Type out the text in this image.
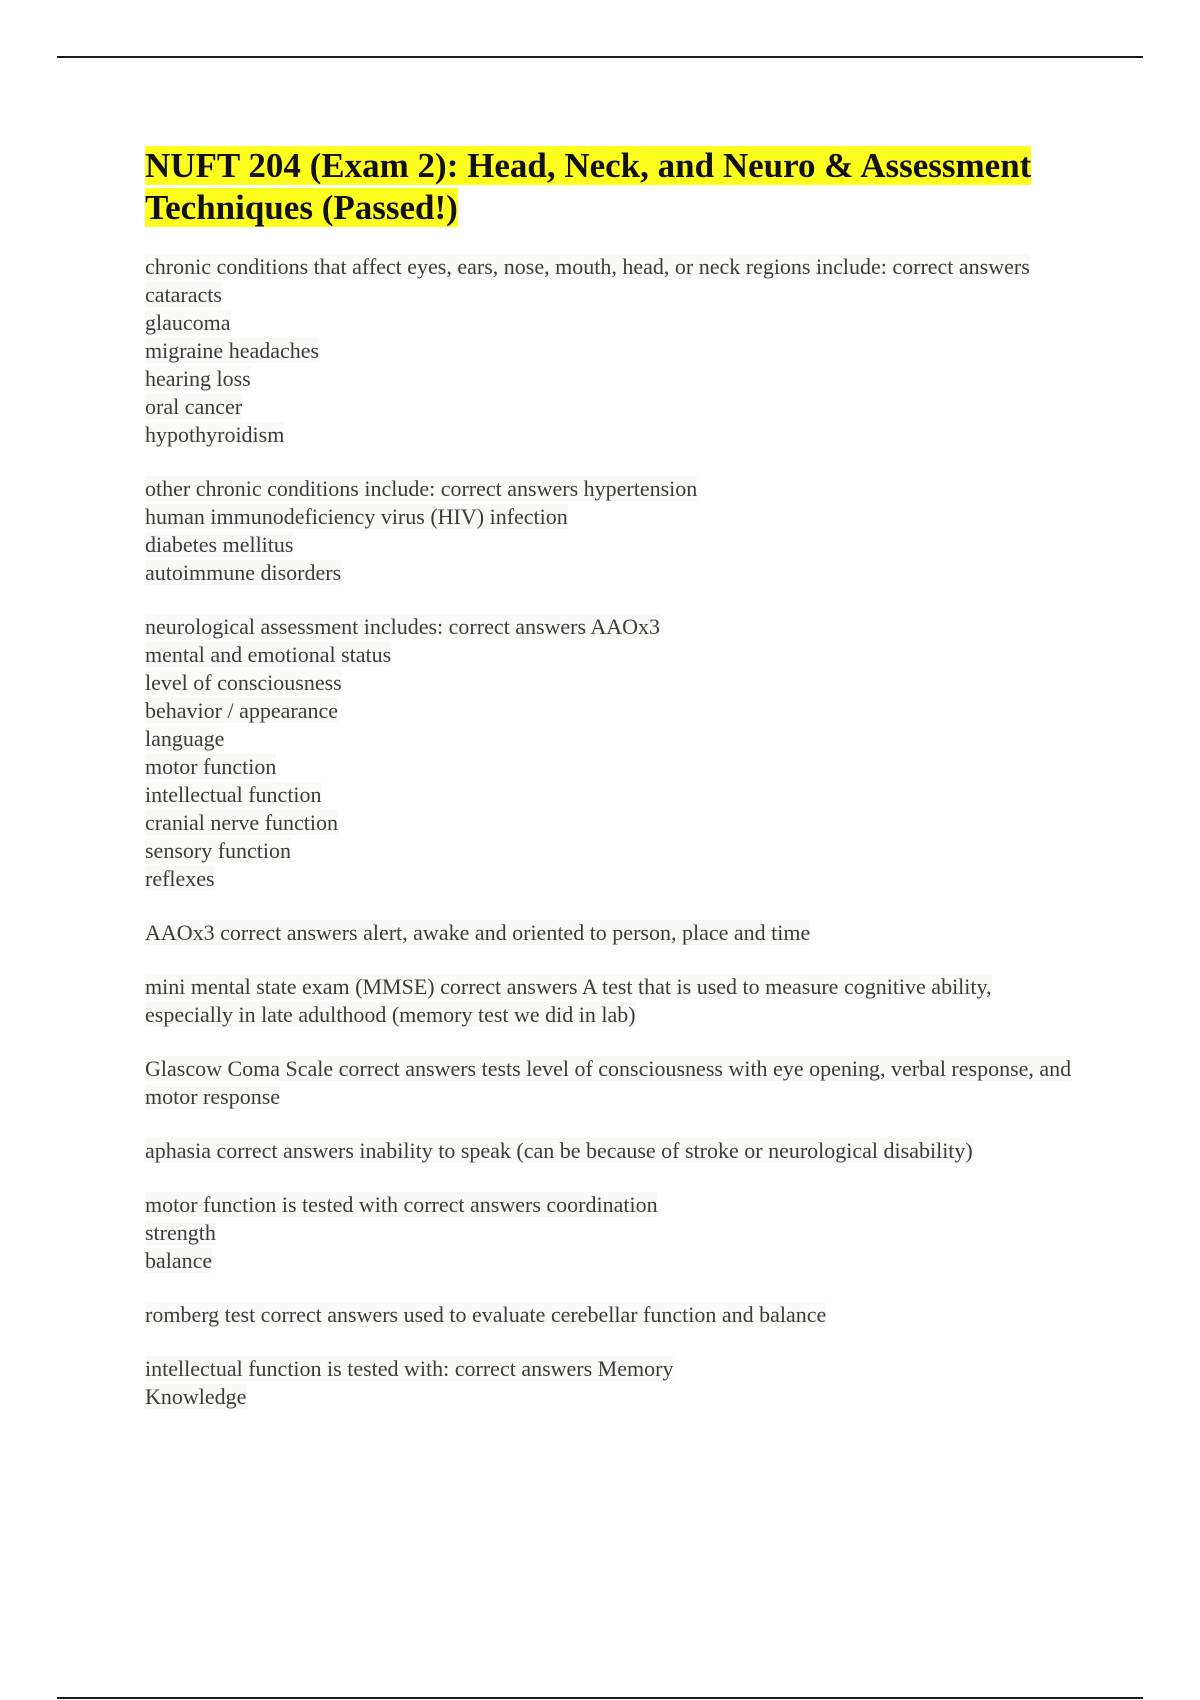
NUFT 204 (Exam 2): Head, Neck, and Neuro & Assessment Techniques (Passed!)
chronic conditions that affect eyes, ears, nose, mouth, head, or neck regions include: correct answers cataracts
glaucoma
migraine headaches
hearing loss
oral cancer
hypothyroidism
other chronic conditions include: correct answers hypertension
human immunodeficiency virus (HIV) infection
diabetes mellitus
autoimmune disorders
neurological assessment includes: correct answers AAOx3
mental and emotional status
level of consciousness
behavior / appearance
language
motor function
intellectual function
cranial nerve function
sensory function
reflexes
AAOx3 correct answers alert, awake and oriented to person, place and time
mini mental state exam (MMSE) correct answers A test that is used to measure cognitive ability, especially in late adulthood (memory test we did in lab)
Glascow Coma Scale correct answers tests level of consciousness with eye opening, verbal response, and motor response
aphasia correct answers inability to speak (can be because of stroke or neurological disability)
motor function is tested with correct answers coordination
strength
balance
romberg test correct answers used to evaluate cerebellar function and balance
intellectual function is tested with: correct answers Memory
Knowledge
